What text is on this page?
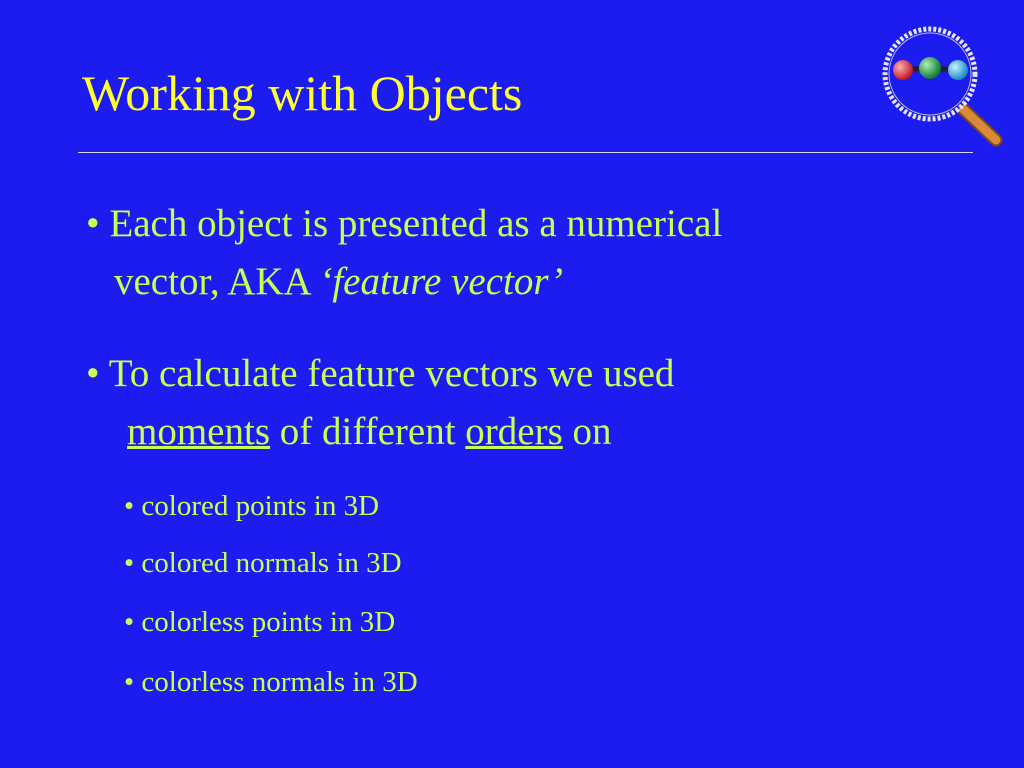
Working with Objects
• Each object is presented as a numerical
vector, AKA ‘feature vector’
• To calculate feature vectors we used
moments of different orders on
• colored points in 3D
• colored normals in 3D
• colorless points in 3D
• colorless normals in 3D
